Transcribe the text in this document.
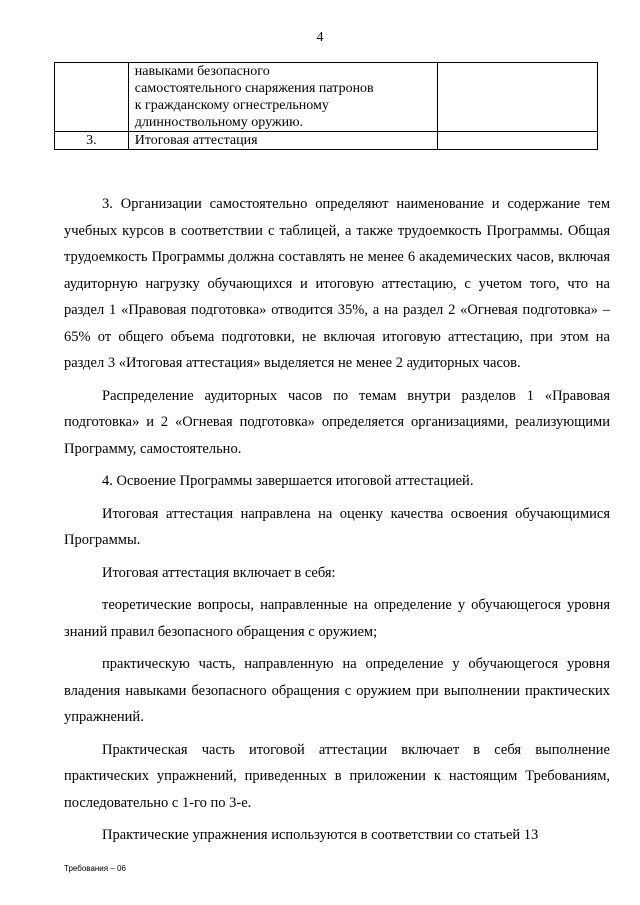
4

	навыками безопасного
самостоятельного снаряжения патронов
к гражданскому огнестрельному
длинноствольному оружию.	

3.	Итоговая аттестация	

3. Организации самостоятельно определяют наименование и содержание тем учебных курсов в соответствии с таблицей, а также трудоемкость Программы. Общая трудоемкость Программы должна составлять не менее 6 академических часов, включая аудиторную нагрузку обучающихся и итоговую аттестацию, с учетом того, что на раздел 1 «Правовая подготовка» отводится 35%, а на раздел 2 «Огневая подготовка» – 65% от общего объема подготовки, не включая итоговую аттестацию, при этом на раздел 3 «Итоговая аттестация» выделяется не менее 2 аудиторных часов.

Распределение аудиторных часов по темам внутри разделов 1 «Правовая подготовка» и 2 «Огневая подготовка» определяется организациями, реализующими Программу, самостоятельно.

4. Освоение Программы завершается итоговой аттестацией.

Итоговая аттестация направлена на оценку качества освоения обучающимися Программы.

Итоговая аттестация включает в себя:

теоретические вопросы, направленные на определение у обучающегося уровня знаний правил безопасного обращения с оружием;

практическую часть, направленную на определение у обучающегося уровня владения навыками безопасного обращения с оружием при выполнении практических упражнений.

Практическая часть итоговой аттестации включает в себя выполнение практических упражнений, приведенных в приложении к настоящим Требованиям, последовательно с 1-го по 3-е.

Практические упражнения используются в соответствии со статьей 13

Требования – 06
